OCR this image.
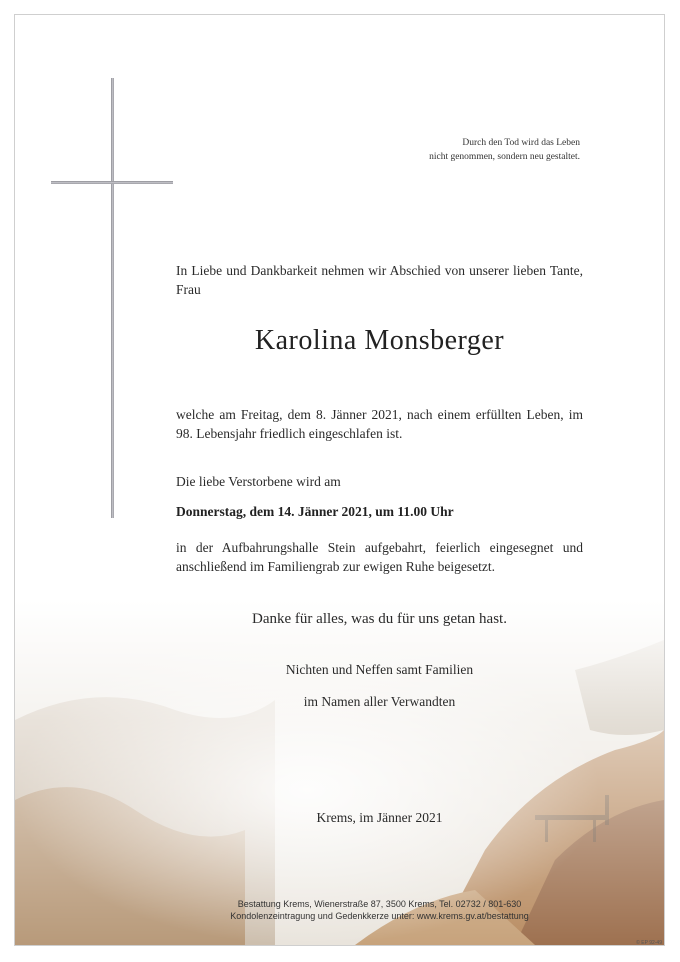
Durch den Tod wird das Leben
nicht genommen, sondern neu gestaltet.
In Liebe und Dankbarkeit nehmen wir Abschied von unserer lieben Tante, Frau
Karolina Monsberger
welche am Freitag, dem 8. Jänner 2021, nach einem erfüllten Leben, im 98. Lebensjahr friedlich eingeschlafen ist.
Die liebe Verstorbene wird am
Donnerstag, dem 14. Jänner 2021, um 11.00 Uhr
in der Aufbahrungshalle Stein aufgebahrt, feierlich eingesegnet und anschließend im Familiengrab zur ewigen Ruhe beigesetzt.
Danke für alles, was du für uns getan hast.
Nichten und Neffen samt Familien
im Namen aller Verwandten
Krems, im Jänner 2021
Bestattung Krems, Wienerstraße 87, 3500 Krems, Tel. 02732 / 801-630
Kondolenzeintragung und Gedenkkerze unter: www.krems.gv.at/bestattung
© EP 92-49
